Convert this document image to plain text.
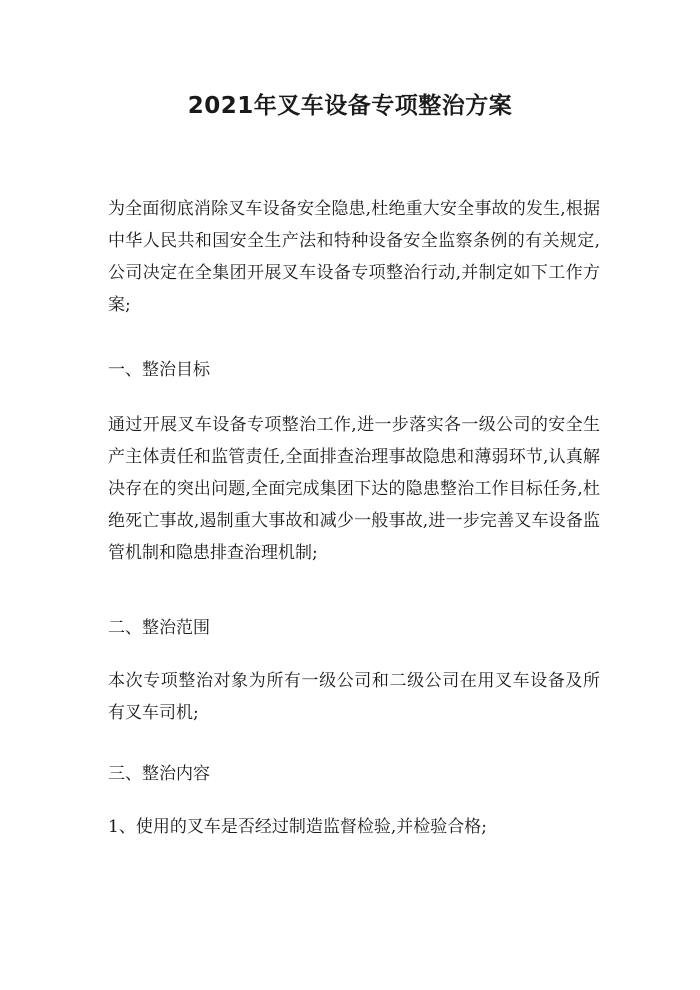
2021年叉车设备专项整治方案

为全面彻底消除叉车设备安全隐患,杜绝重大安全事故的发生,根据中华人民共和国安全生产法和特种设备安全监察条例的有关规定,公司决定在全集团开展叉车设备专项整治行动,并制定如下工作方案;

一、整治目标

通过开展叉车设备专项整治工作,进一步落实各一级公司的安全生产主体责任和监管责任,全面排查治理事故隐患和薄弱环节,认真解决存在的突出问题,全面完成集团下达的隐患整治工作目标任务,杜绝死亡事故,遏制重大事故和减少一般事故,进一步完善叉车设备监管机制和隐患排查治理机制;

二、整治范围

本次专项整治对象为所有一级公司和二级公司在用叉车设备及所有叉车司机;

三、整治内容

1、使用的叉车是否经过制造监督检验,并检验合格;
